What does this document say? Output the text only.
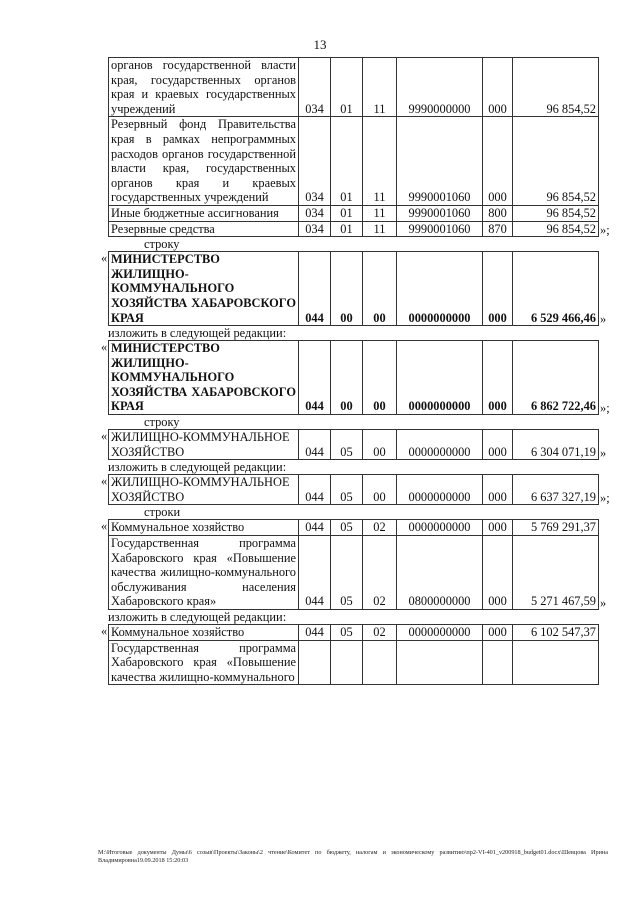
13
органов государственной власти края, государственных органов края и краевых государственных учреждений	034	01	11	9990000000	000	96 854,52
Резервный фонд Правительства края в рамках непрограммных расходов органов государственной власти края, государственных органов края и краевых государственных учреждений	034	01	11	9990001060	000	96 854,52
Иные бюджетные ассигнования	034	01	11	9990001060	800	96 854,52
Резервные средства	034	01	11	9990001060	870	96 854,52 »;
строку
« МИНИСТЕРСТВО ЖИЛИЩНО-КОММУНАЛЬНОГО ХОЗЯЙСТВА ХАБАРОВСКОГО КРАЯ	044	00	00	0000000000	000	6 529 466,46 »
изложить в следующей редакции:
« МИНИСТЕРСТВО ЖИЛИЩНО-КОММУНАЛЬНОГО ХОЗЯЙСТВА ХАБАРОВСКОГО КРАЯ	044	00	00	0000000000	000	6 862 722,46 »;
строку
« ЖИЛИЩНО-КОММУНАЛЬНОЕ ХОЗЯЙСТВО	044	05	00	0000000000	000	6 304 071,19 »
изложить в следующей редакции:
« ЖИЛИЩНО-КОММУНАЛЬНОЕ ХОЗЯЙСТВО	044	05	00	0000000000	000	6 637 327,19 »;
строки
« Коммунальное хозяйство	044	05	02	0000000000	000	5 769 291,37
Государственная программа Хабаровского края «Повышение качества жилищно-коммунального обслуживания населения Хабаровского края»	044	05	02	0800000000	000	5 271 467,59 »
изложить в следующей редакции:
« Коммунальное хозяйство	044	05	02	0000000000	000	6 102 547,37
Государственная программа Хабаровского края «Повышение качества жилищно-коммунального						
М:\Итоговые документы Думы\6 созыв\Проекты\Законы\2 чтение\Комитет по бюджету, налогам и экономическому развитию\пр2-VI-401_v200918_budget01.docx\Шевцова Ирина Владимировна19.09.2018 15:20:03
